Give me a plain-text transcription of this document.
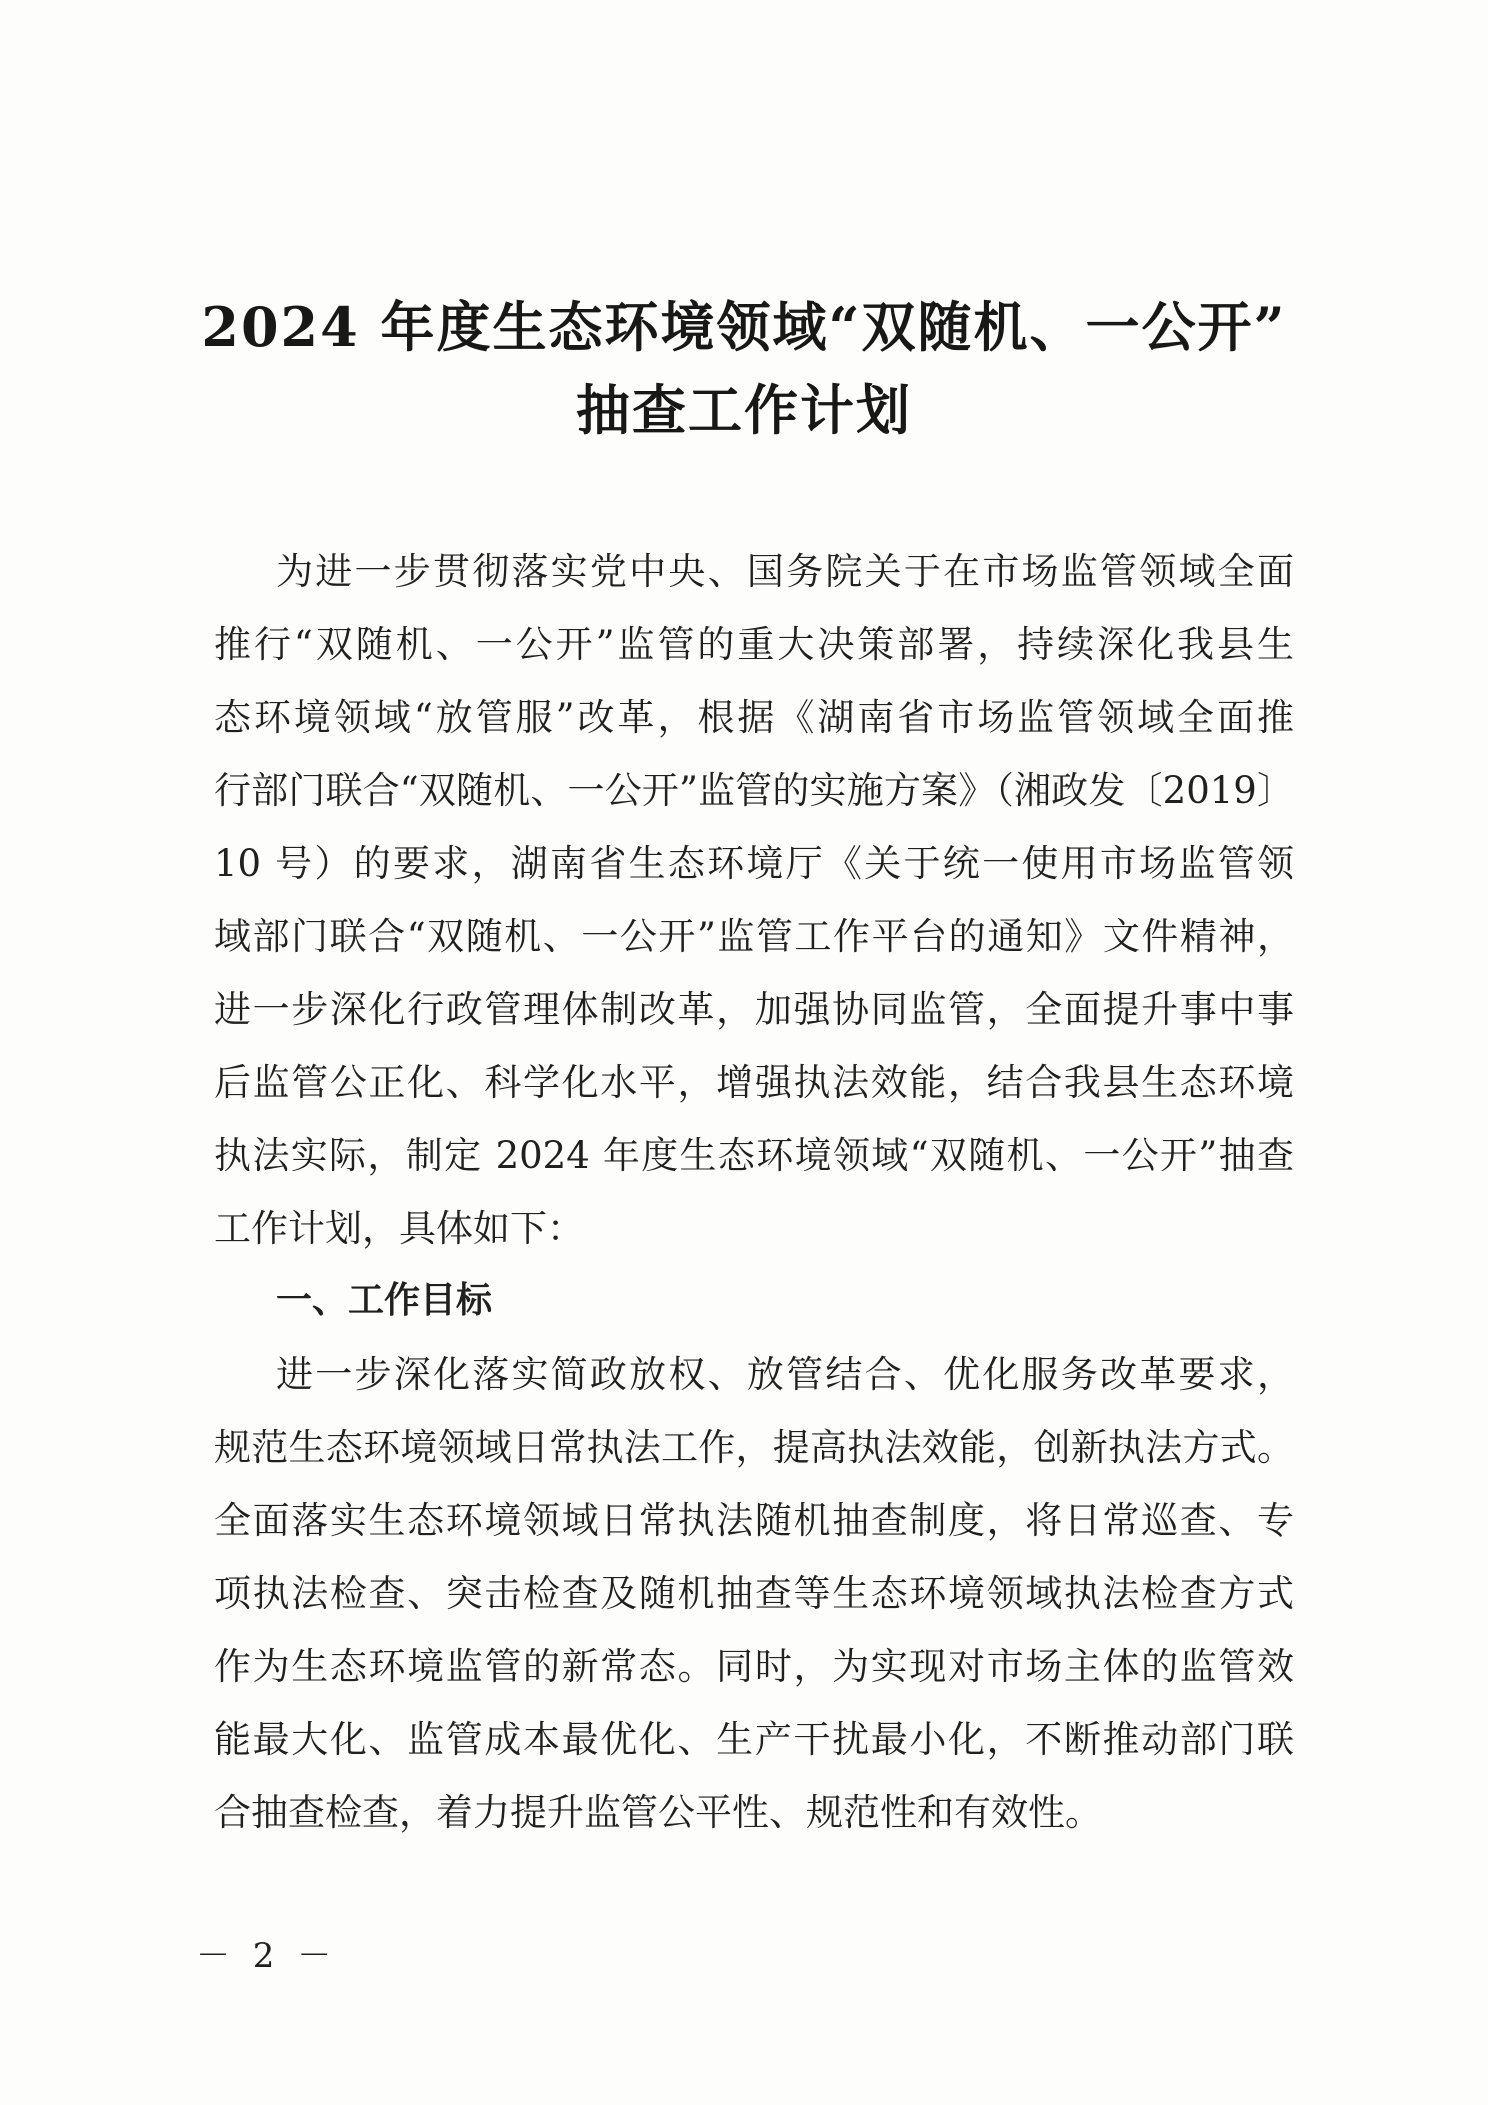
2024 年度生态环境领域“双随机、一公开”
抽查工作计划
为进一步贯彻落实党中央、国务院关于在市场监管领域全面
推行“双随机、一公开”监管的重大决策部署，持续深化我县生
态环境领域“放管服”改革，根据《湖南省市场监管领域全面推
行部门联合“双随机、一公开”监管的实施方案》（湘政发〔2019〕
10 号）的要求，湖南省生态环境厅《关于统一使用市场监管领
域部门联合“双随机、一公开”监管工作平台的通知》文件精神，
进一步深化行政管理体制改革，加强协同监管，全面提升事中事
后监管公正化、科学化水平，增强执法效能，结合我县生态环境
执法实际，制定 2024 年度生态环境领域“双随机、一公开”抽查
工作计划，具体如下：
一、工作目标
进一步深化落实简政放权、放管结合、优化服务改革要求，
规范生态环境领域日常执法工作，提高执法效能，创新执法方式。
全面落实生态环境领域日常执法随机抽查制度，将日常巡查、专
项执法检查、突击检查及随机抽查等生态环境领域执法检查方式
作为生态环境监管的新常态。同时，为实现对市场主体的监管效
能最大化、监管成本最优化、生产干扰最小化，不断推动部门联
合抽查检查，着力提升监管公平性、规范性和有效性。
－ 2 －
